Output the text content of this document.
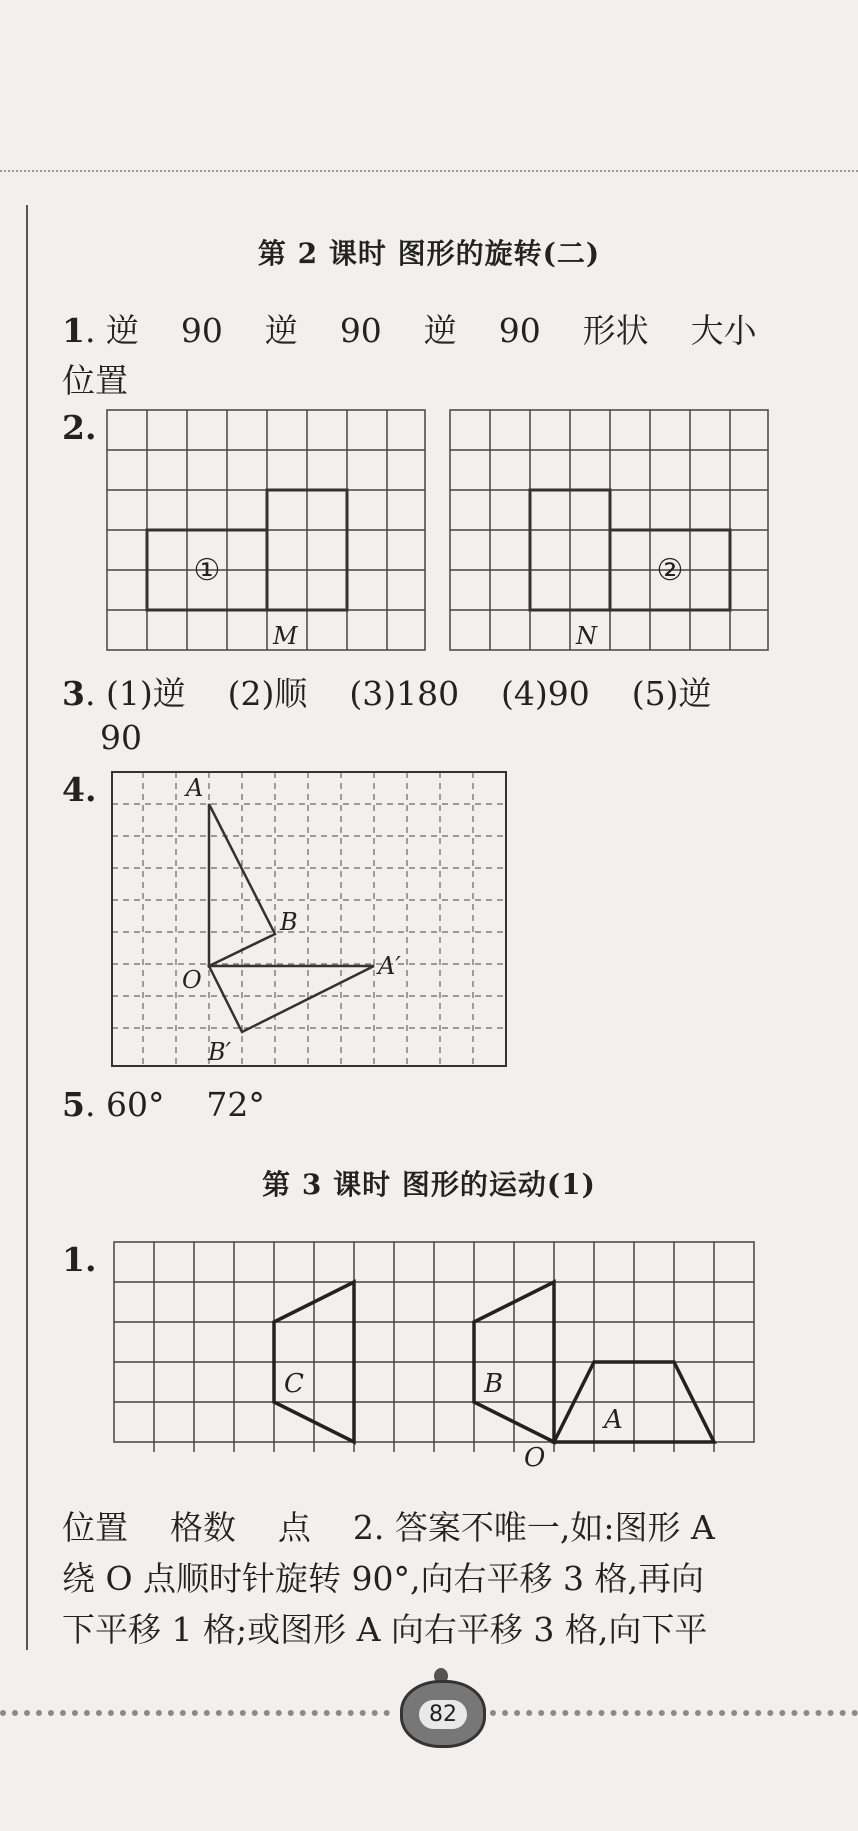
第 2 课时 图形的旋转(二)
1. 逆    90    逆    90    逆    90    形状    大小
位置
2.
①
M
②
N
3. (1)逆    (2)顺    (3)180    (4)90    (5)逆
90
4.	A
B
O	A′
B′
5. 60°    72°
第 3 课时 图形的运动(1)
1.
C	B
A
O
位置    格数    点    2. 答案不唯一,如:图形 A
绕 O 点顺时针旋转 90°,向右平移 3 格,再向
下平移 1 格;或图形 A 向右平移 3 格,向下平
82
